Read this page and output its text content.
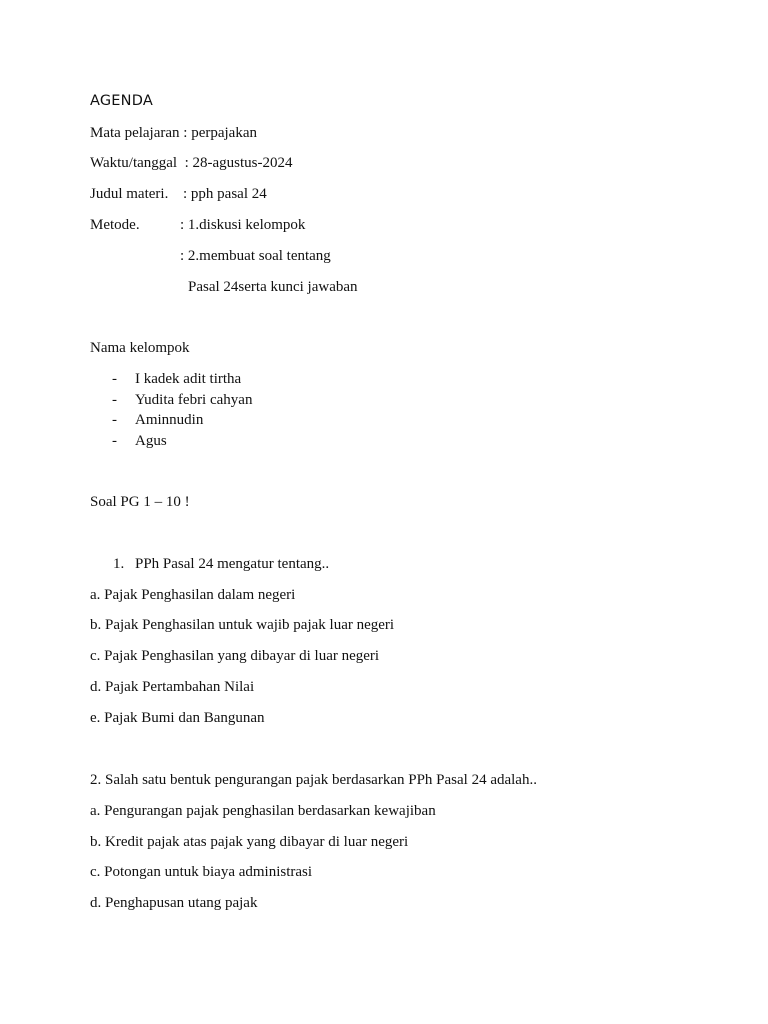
AGENDA
Mata pelajaran : perpajakan
Waktu/tanggal  : 28-agustus-2024
Judul materi. : pph pasal 24
Metode.	: 1.diskusi kelompok
: 2.membuat soal tentang
Pasal 24serta kunci jawaban
Nama kelompok
- I kadek adit tirtha
- Yudita febri cahyan
- Aminnudin
- Agus
Soal PG 1 – 10 !
1. PPh Pasal 24 mengatur tentang..
a. Pajak Penghasilan dalam negeri
b. Pajak Penghasilan untuk wajib pajak luar negeri
c. Pajak Penghasilan yang dibayar di luar negeri
d. Pajak Pertambahan Nilai
e. Pajak Bumi dan Bangunan
2. Salah satu bentuk pengurangan pajak berdasarkan PPh Pasal 24 adalah..
a. Pengurangan pajak penghasilan berdasarkan kewajiban
b. Kredit pajak atas pajak yang dibayar di luar negeri
c. Potongan untuk biaya administrasi
d. Penghapusan utang pajak
